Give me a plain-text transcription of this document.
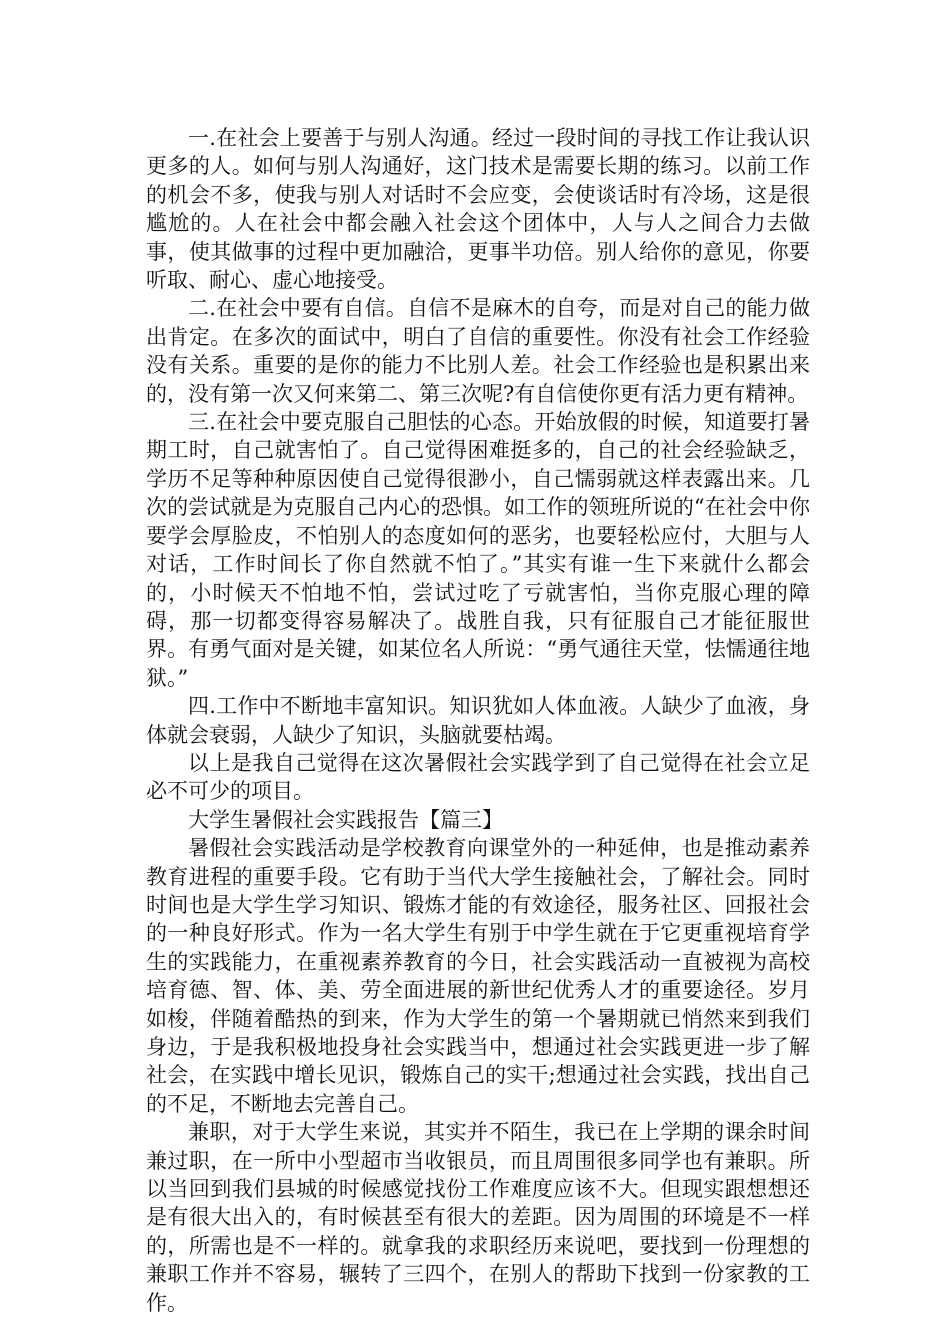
一.在社会上要善于与别人沟通。经过一段时间的寻找工作让我认识更多的人。如何与别人沟通好，这门技术是需要长期的练习。以前工作的机会不多，使我与别人对话时不会应变，会使谈话时有冷场，这是很尴尬的。人在社会中都会融入社会这个团体中，人与人之间合力去做事，使其做事的过程中更加融洽，更事半功倍。别人给你的意见，你要听取、耐心、虚心地接受。

二.在社会中要有自信。自信不是麻木的自夸，而是对自己的能力做出肯定。在多次的面试中，明白了自信的重要性。你没有社会工作经验没有关系。重要的是你的能力不比别人差。社会工作经验也是积累出来的，没有第一次又何来第二、第三次呢?有自信使你更有活力更有精神。

三.在社会中要克服自己胆怯的心态。开始放假的时候，知道要打暑期工时，自己就害怕了。自己觉得困难挺多的，自己的社会经验缺乏，学历不足等种种原因使自己觉得很渺小，自己懦弱就这样表露出来。几次的尝试就是为克服自己内心的恐惧。如工作的领班所说的“在社会中你要学会厚脸皮，不怕别人的态度如何的恶劣，也要轻松应付，大胆与人对话，工作时间长了你自然就不怕了。”其实有谁一生下来就什么都会的，小时候天不怕地不怕，尝试过吃了亏就害怕，当你克服心理的障碍，那一切都变得容易解决了。战胜自我，只有征服自己才能征服世界。有勇气面对是关键，如某位名人所说：“勇气通往天堂，怯懦通往地狱。”

四.工作中不断地丰富知识。知识犹如人体血液。人缺少了血液，身体就会衰弱，人缺少了知识，头脑就要枯竭。

以上是我自己觉得在这次暑假社会实践学到了自己觉得在社会立足必不可少的项目。

大学生暑假社会实践报告【篇三】

暑假社会实践活动是学校教育向课堂外的一种延伸，也是推动素养教育进程的重要手段。它有助于当代大学生接触社会，了解社会。同时时间也是大学生学习知识、锻炼才能的有效途径，服务社区、回报社会的一种良好形式。作为一名大学生有别于中学生就在于它更重视培育学生的实践能力，在重视素养教育的今日，社会实践活动一直被视为高校培育德、智、体、美、劳全面进展的新世纪优秀人才的重要途径。岁月如梭，伴随着酷热的到来，作为大学生的第一个暑期就已悄然来到我们身边，于是我积极地投身社会实践当中，想通过社会实践更进一步了解社会，在实践中增长见识，锻炼自己的实干;想通过社会实践，找出自己的不足，不断地去完善自己。

兼职，对于大学生来说，其实并不陌生，我已在上学期的课余时间兼过职，在一所中小型超市当收银员，而且周围很多同学也有兼职。所以当回到我们县城的时候感觉找份工作难度应该不大。但现实跟想想还是有很大出入的，有时候甚至有很大的差距。因为周围的环境是不一样的，所需也是不一样的。就拿我的求职经历来说吧，要找到一份理想的兼职工作并不容易，辗转了三四个，在别人的帮助下找到一份家教的工作。
